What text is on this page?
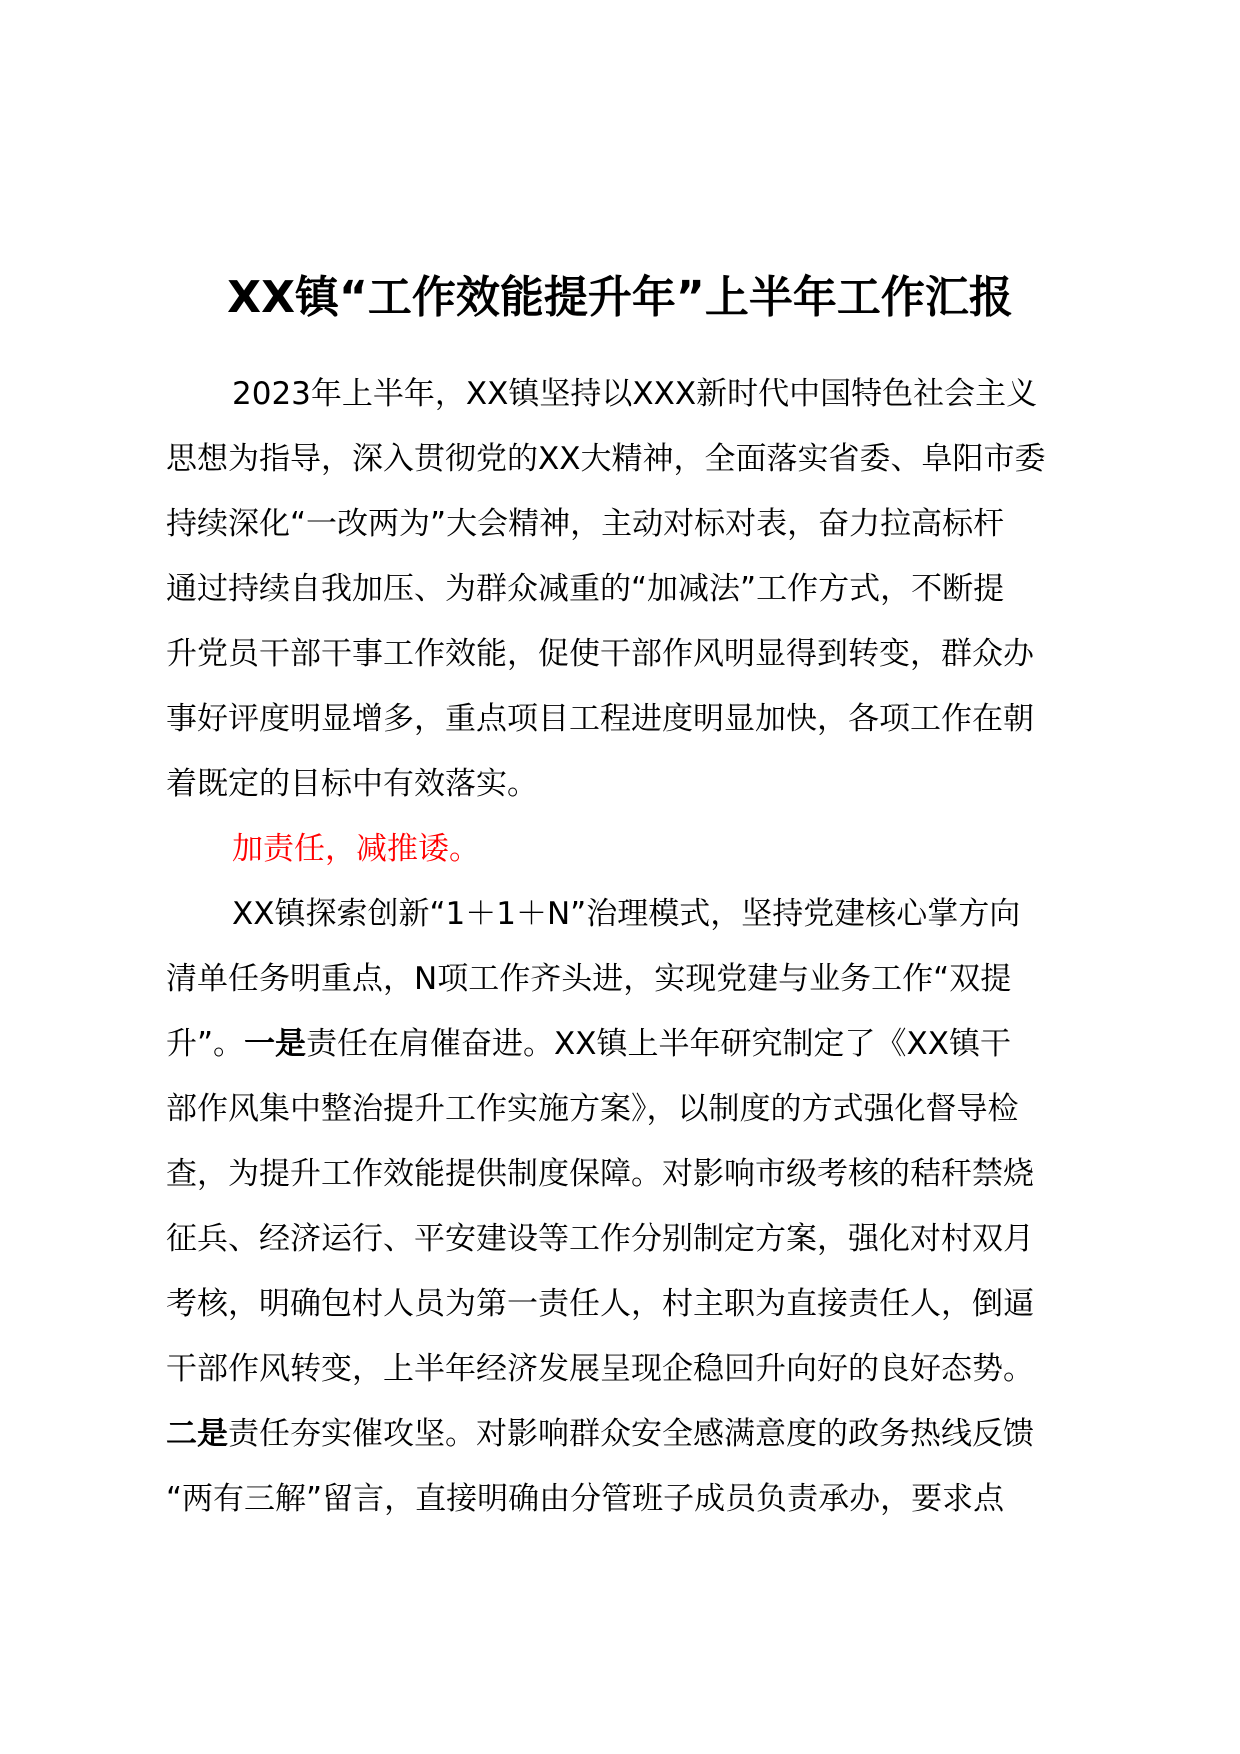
XX镇“工作效能提升年”上半年工作汇报
2023年上半年，XX镇坚持以XXX新时代中国特色社会主义
思想为指导，深入贯彻党的XX大精神，全面落实省委、阜阳市委
持续深化“一改两为”大会精神，主动对标对表，奋力拉高标杆
通过持续自我加压、为群众减重的“加减法”工作方式，不断提
升党员干部干事工作效能，促使干部作风明显得到转变，群众办
事好评度明显增多，重点项目工程进度明显加快，各项工作在朝
着既定的目标中有效落实。
加责任，减推诿。
XX镇探索创新“1＋1＋N”治理模式，坚持党建核心掌方向
清单任务明重点，N项工作齐头进，实现党建与业务工作“双提
升”。一是责任在肩催奋进。XX镇上半年研究制定了《XX镇干
部作风集中整治提升工作实施方案》，以制度的方式强化督导检
查，为提升工作效能提供制度保障。对影响市级考核的秸秆禁烧
征兵、经济运行、平安建设等工作分别制定方案，强化对村双月
考核，明确包村人员为第一责任人，村主职为直接责任人，倒逼
干部作风转变，上半年经济发展呈现企稳回升向好的良好态势。
二是责任夯实催攻坚。对影响群众安全感满意度的政务热线反馈
“两有三解”留言，直接明确由分管班子成员负责承办，要求点
